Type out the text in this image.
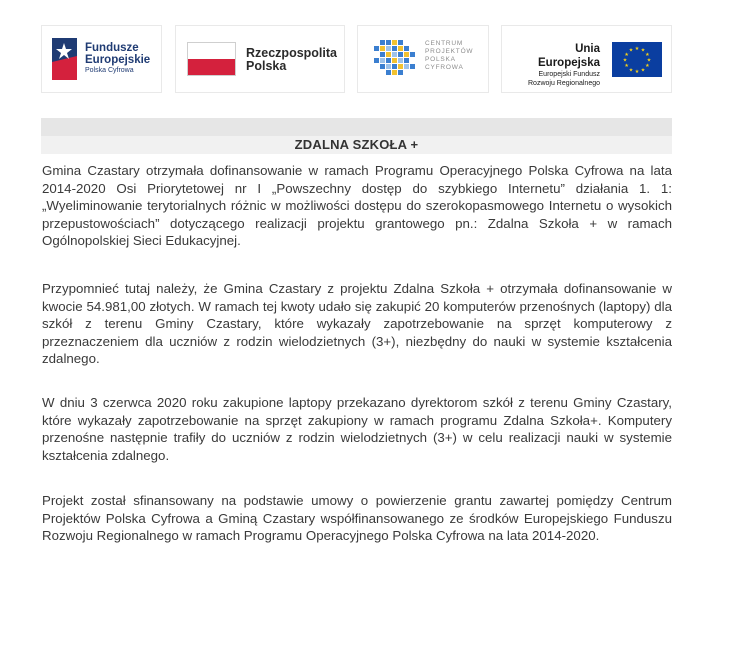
Fundusze
Europejskie
Polska Cyfrowa
Rzeczpospolita
Polska
CENTRUM
PROJEKTÓW
POLSKA
CYFROWA
Unia Europejska
Europejski Fundusz
Rozwoju Regionalnego
★ ★
★
★
★
★
★
★
★
★
★
★
ZDALNA SZKOŁA +

Gmina Czastary otrzymała dofinansowanie w ramach Programu Operacyjnego Polska Cyfrowa na lata 2014-2020 Osi Priorytetowej nr I „Powszechny dostęp do szybkiego Internetu” działania 1. 1: „Wyeliminowanie terytorialnych różnic w możliwości dostępu do szerokopasmowego Internetu o wysokich przepustowościach” dotyczącego realizacji projektu grantowego pn.: Zdalna Szkoła + w ramach Ogólnopolskiej Sieci Edukacyjnej.

Przypomnieć tutaj należy, że Gmina Czastary z projektu Zdalna Szkoła + otrzymała dofinansowanie w kwocie 54.981,00 złotych. W ramach tej kwoty udało się zakupić 20 komputerów przenośnych (laptopy) dla szkół z terenu Gminy Czastary, które wykazały zapotrzebowanie na sprzęt komputerowy z przeznaczeniem dla uczniów z rodzin wielodzietnych (3+), niezbędny do nauki w systemie kształcenia zdalnego.

W dniu 3 czerwca 2020 roku zakupione laptopy przekazano dyrektorom szkół z terenu Gminy Czastary, które wykazały zapotrzebowanie na sprzęt zakupiony w ramach programu Zdalna Szkoła+. Komputery przenośne następnie trafiły do uczniów z rodzin wielodzietnych (3+) w celu realizacji nauki w systemie kształcenia zdalnego.

Projekt został sfinansowany na podstawie umowy o powierzenie grantu zawartej pomiędzy Centrum Projektów Polska Cyfrowa a Gminą Czastary współfinansowanego ze środków Europejskiego Funduszu Rozwoju Regionalnego w ramach Programu Operacyjnego Polska Cyfrowa na lata 2014-2020.
